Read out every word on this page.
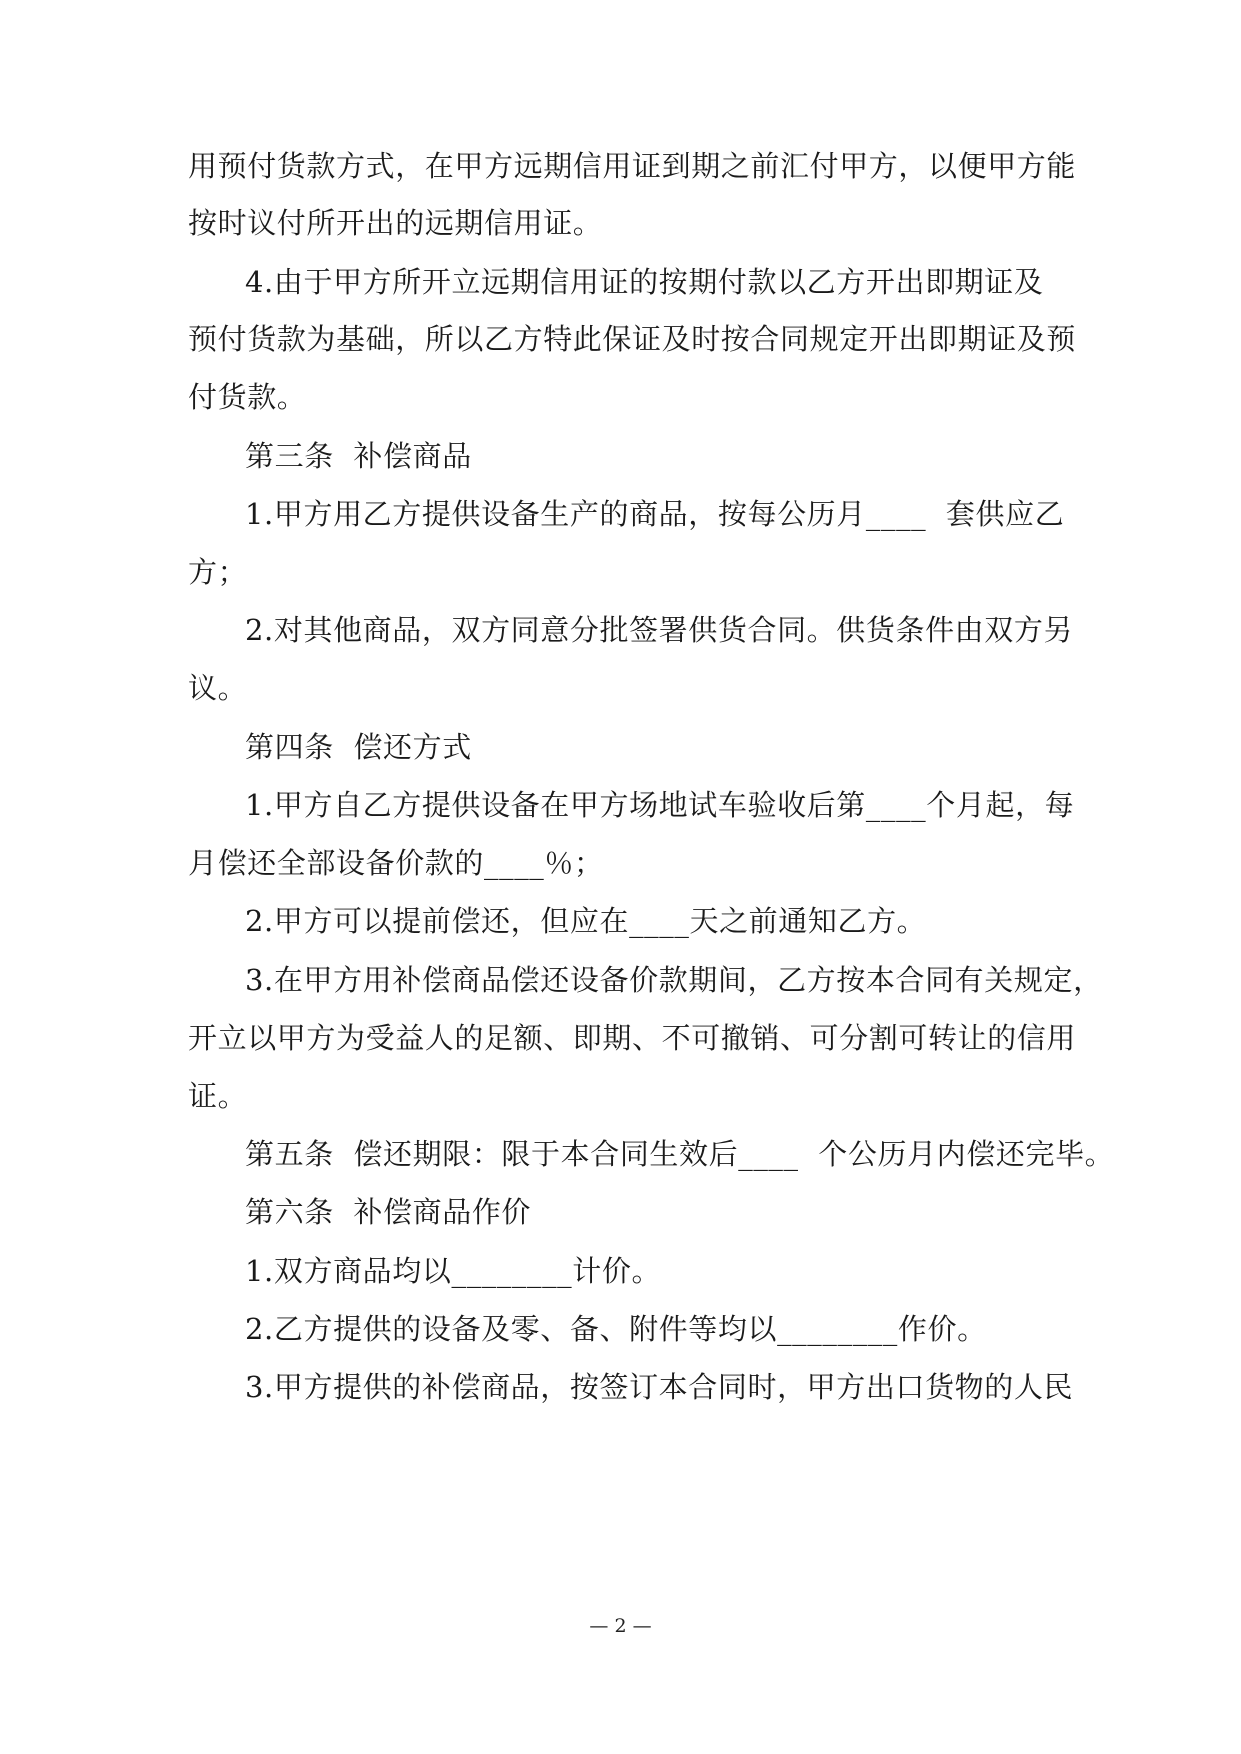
用预付货款方式，在甲方远期信用证到期之前汇付甲方，以便甲方能
按时议付所开出的远期信用证。
4.由于甲方所开立远期信用证的按期付款以乙方开出即期证及
预付货款为基础，所以乙方特此保证及时按合同规定开出即期证及预
付货款。
第三条  补偿商品
1.甲方用乙方提供设备生产的商品，按每公历月____  套供应乙
方；
2.对其他商品，双方同意分批签署供货合同。供货条件由双方另
议。
第四条  偿还方式
1.甲方自乙方提供设备在甲方场地试车验收后第____个月起，每
月偿还全部设备价款的____％；
2.甲方可以提前偿还，但应在____天之前通知乙方。
3.在甲方用补偿商品偿还设备价款期间，乙方按本合同有关规定，
开立以甲方为受益人的足额、即期、不可撤销、可分割可转让的信用
证。
第五条  偿还期限：限于本合同生效后____  个公历月内偿还完毕。
第六条  补偿商品作价
1.双方商品均以________计价。
2.乙方提供的设备及零、备、附件等均以________作价。
3.甲方提供的补偿商品，按签订本合同时，甲方出口货物的人民
— 2 —
